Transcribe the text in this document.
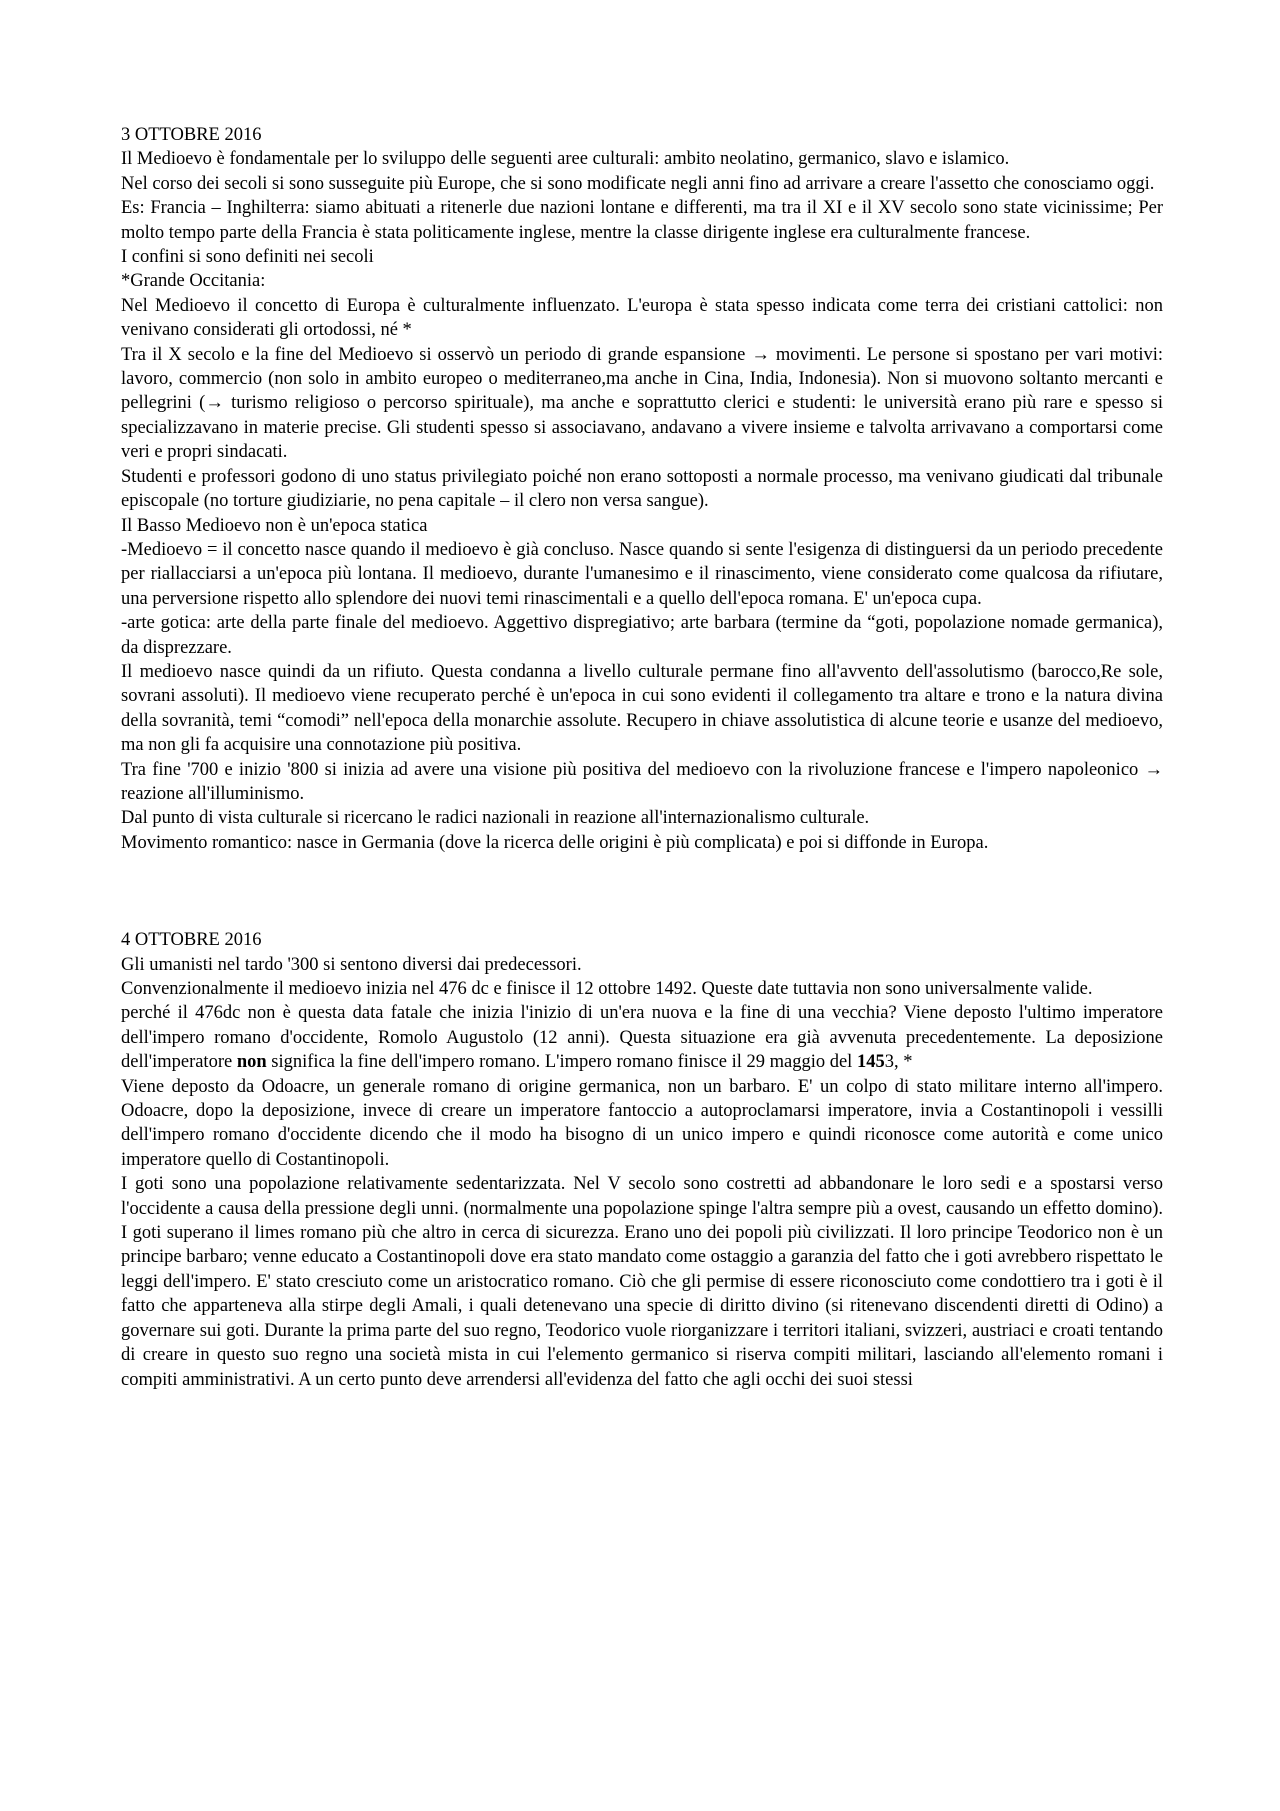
3 OTTOBRE 2016

Il Medioevo è fondamentale per lo sviluppo delle seguenti aree culturali: ambito neolatino, germanico, slavo e islamico.

Nel corso dei secoli si sono susseguite più Europe, che si sono modificate negli anni fino ad arrivare a creare l'assetto che conosciamo oggi.

Es: Francia – Inghilterra: siamo abituati a ritenerle due nazioni lontane e differenti, ma tra il XI e il XV secolo sono state vicinissime; Per molto tempo parte della Francia è stata politicamente inglese, mentre la classe dirigente inglese era culturalmente francese.

I confini si sono definiti nei secoli

*Grande Occitania:

Nel Medioevo il concetto di Europa è culturalmente influenzato. L'europa è stata spesso indicata come terra dei cristiani cattolici: non venivano considerati gli ortodossi, né *

Tra il X secolo e la fine del Medioevo si osservò un periodo di grande espansione → movimenti. Le persone si spostano per vari motivi: lavoro, commercio (non solo in ambito europeo o mediterraneo,ma anche in Cina, India, Indonesia). Non si muovono soltanto mercanti e pellegrini (→ turismo religioso o percorso spirituale), ma anche e soprattutto clerici e studenti: le università erano più rare e spesso si specializzavano in materie precise. Gli studenti spesso si associavano, andavano a vivere insieme e talvolta arrivavano a comportarsi come veri e propri sindacati.

Studenti e professori godono di uno status privilegiato poiché non erano sottoposti a normale processo, ma venivano giudicati dal tribunale episcopale (no torture giudiziarie, no pena capitale – il clero non versa sangue).

Il Basso Medioevo non è un'epoca statica

-Medioevo = il concetto nasce quando il medioevo è già concluso. Nasce quando si sente l'esigenza di distinguersi da un periodo precedente per riallacciarsi a un'epoca più lontana. Il medioevo, durante l'umanesimo e il rinascimento, viene considerato come qualcosa da rifiutare, una perversione rispetto allo splendore dei nuovi temi rinascimentali e a quello dell'epoca romana. E' un'epoca cupa.

-arte gotica: arte della parte finale del medioevo. Aggettivo dispregiativo; arte barbara (termine da “goti, popolazione nomade germanica), da disprezzare.

Il medioevo nasce quindi da un rifiuto. Questa condanna a livello culturale permane fino all'avvento dell'assolutismo (barocco,Re sole, sovrani assoluti). Il medioevo viene recuperato perché è un'epoca in cui sono evidenti il collegamento tra altare e trono e la natura divina della sovranità, temi “comodi” nell'epoca della monarchie assolute. Recupero in chiave assolutistica di alcune teorie e usanze del medioevo, ma non gli fa acquisire una connotazione più positiva.

Tra fine '700 e inizio '800 si inizia ad avere una visione più positiva del medioevo con la rivoluzione francese e l'impero napoleonico → reazione all'illuminismo.

Dal punto di vista culturale si ricercano le radici nazionali in reazione all'internazionalismo culturale.

Movimento romantico: nasce in Germania (dove la ricerca delle origini è più complicata) e poi si diffonde in Europa.

4 OTTOBRE 2016

Gli umanisti nel tardo '300 si sentono diversi dai predecessori.

Convenzionalmente il medioevo inizia nel 476 dc e finisce il 12 ottobre 1492. Queste date tuttavia non sono universalmente valide.

perché il 476dc non è questa data fatale che inizia l'inizio di un'era nuova e la fine di una vecchia? Viene deposto l'ultimo imperatore dell'impero romano d'occidente, Romolo Augustolo (12 anni). Questa situazione era già avvenuta precedentemente. La deposizione dell'imperatore non significa la fine dell'impero romano. L'impero romano finisce il 29 maggio del 1453, *

Viene deposto da Odoacre, un generale romano di origine germanica, non un barbaro. E' un colpo di stato militare interno all'impero. Odoacre, dopo la deposizione, invece di creare un imperatore fantoccio a autoproclamarsi imperatore, invia a Costantinopoli i vessilli dell'impero romano d'occidente dicendo che il modo ha bisogno di un unico impero e quindi riconosce come autorità e come unico imperatore quello di Costantinopoli.

I goti sono una popolazione relativamente sedentarizzata. Nel V secolo sono costretti ad abbandonare le loro sedi e a spostarsi verso l'occidente a causa della pressione degli unni. (normalmente una popolazione spinge l'altra sempre più a ovest, causando un effetto domino). I goti superano il limes romano più che altro in cerca di sicurezza. Erano uno dei popoli più civilizzati. Il loro principe Teodorico non è un principe barbaro; venne educato a Costantinopoli dove era stato mandato come ostaggio a garanzia del fatto che i goti avrebbero rispettato le leggi dell'impero. E' stato cresciuto come un aristocratico romano. Ciò che gli permise di essere riconosciuto come condottiero tra i goti è il fatto che apparteneva alla stirpe degli Amali, i quali detenevano una specie di diritto divino (si ritenevano discendenti diretti di Odino) a governare sui goti. Durante la prima parte del suo regno, Teodorico vuole riorganizzare i territori italiani, svizzeri, austriaci e croati tentando di creare in questo suo regno una società mista in cui l'elemento germanico si riserva compiti militari, lasciando all'elemento romani i compiti amministrativi. A un certo punto deve arrendersi all'evidenza del fatto che agli occhi dei suoi stessi
